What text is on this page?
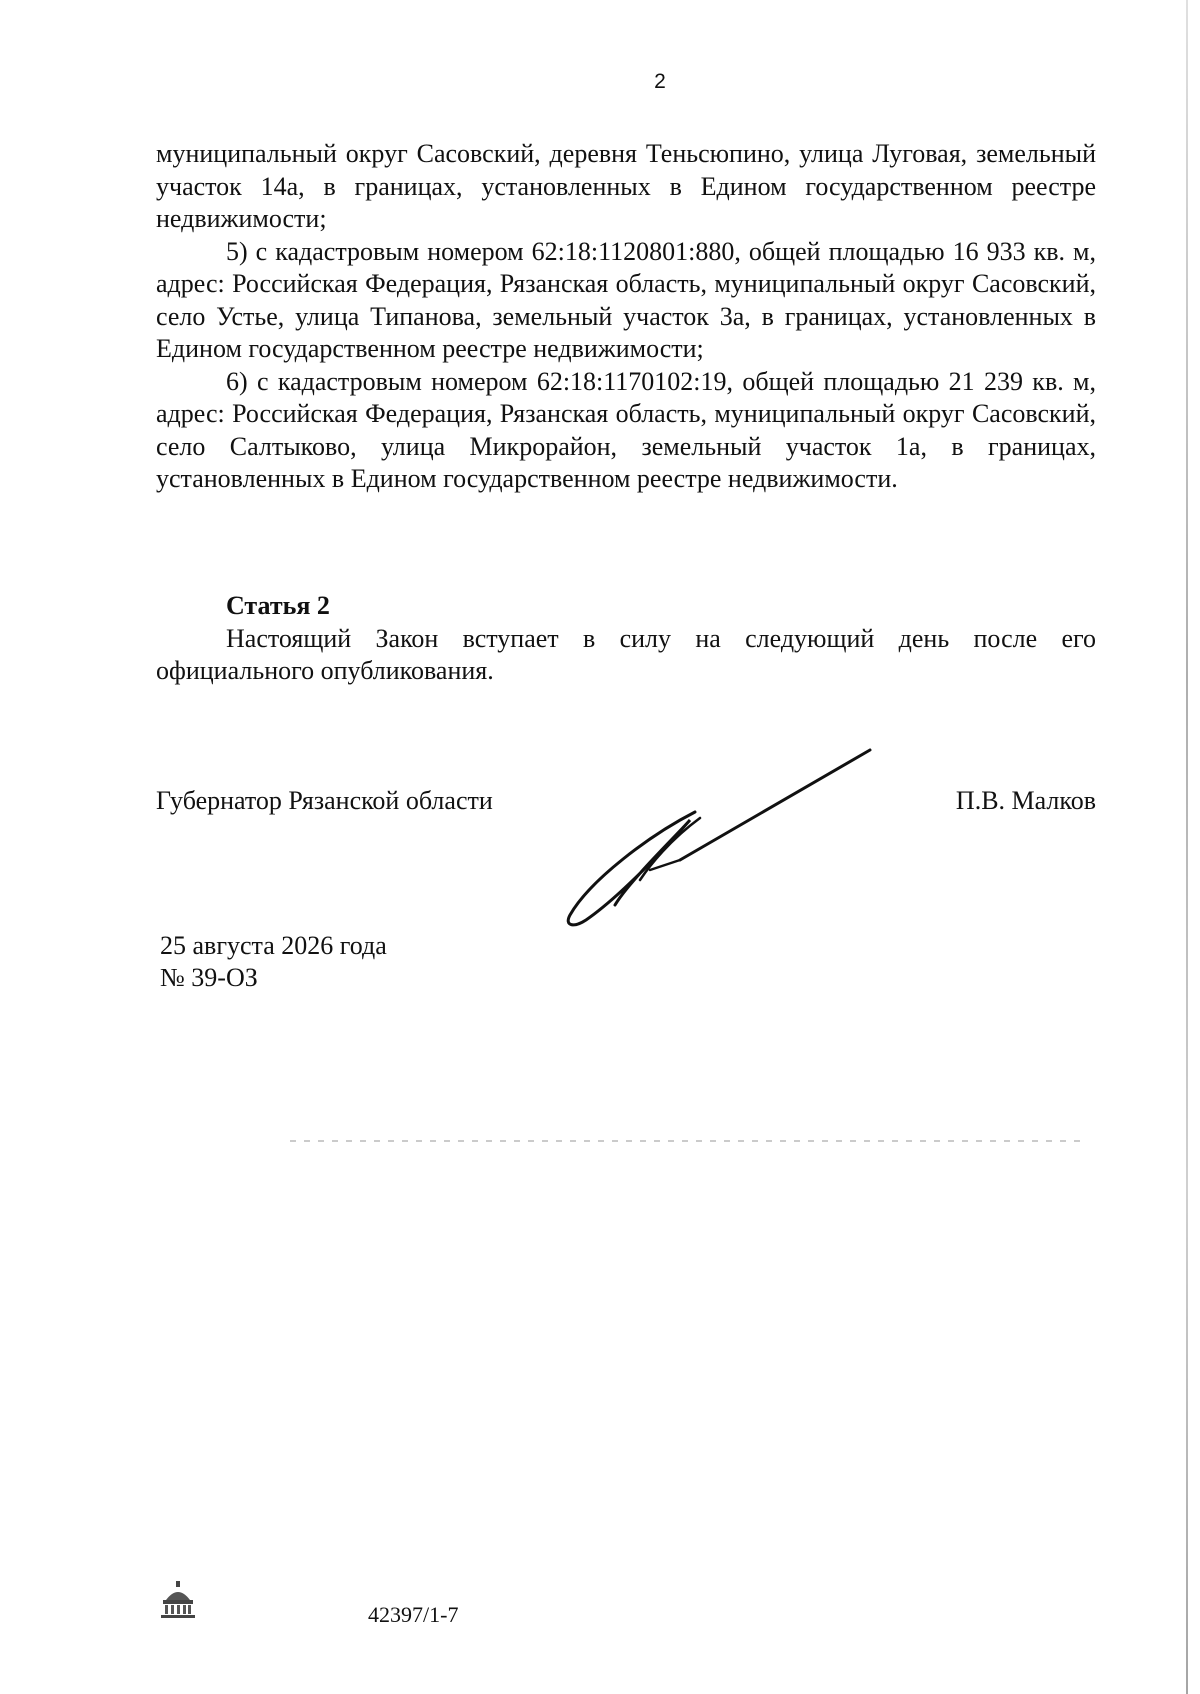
2

муниципальный округ Сасовский, деревня Теньсюпино, улица Луговая, земельный участок 14а, в границах, установленных в Едином государственном реестре недвижимости;

5) с кадастровым номером 62:18:1120801:880, общей площадью 16 933 кв. м, адрес: Российская Федерация, Рязанская область, муниципальный округ Сасовский, село Устье, улица Типанова, земельный участок 3а, в границах, установленных в Едином государственном реестре недвижимости;

6) с кадастровым номером 62:18:1170102:19, общей площадью 21 239 кв. м, адрес: Российская Федерация, Рязанская область, муниципальный округ Сасовский, село Салтыково, улица Микрорайон, земельный участок 1а, в границах, установленных в Едином государственном реестре недвижимости.

Статья 2

Настоящий Закон вступает в силу на следующий день после его официального опубликования.

Губернатор Рязанской области	П.В. Малков
25 августа 2026 года
№ 39-ОЗ
42397/1-7
